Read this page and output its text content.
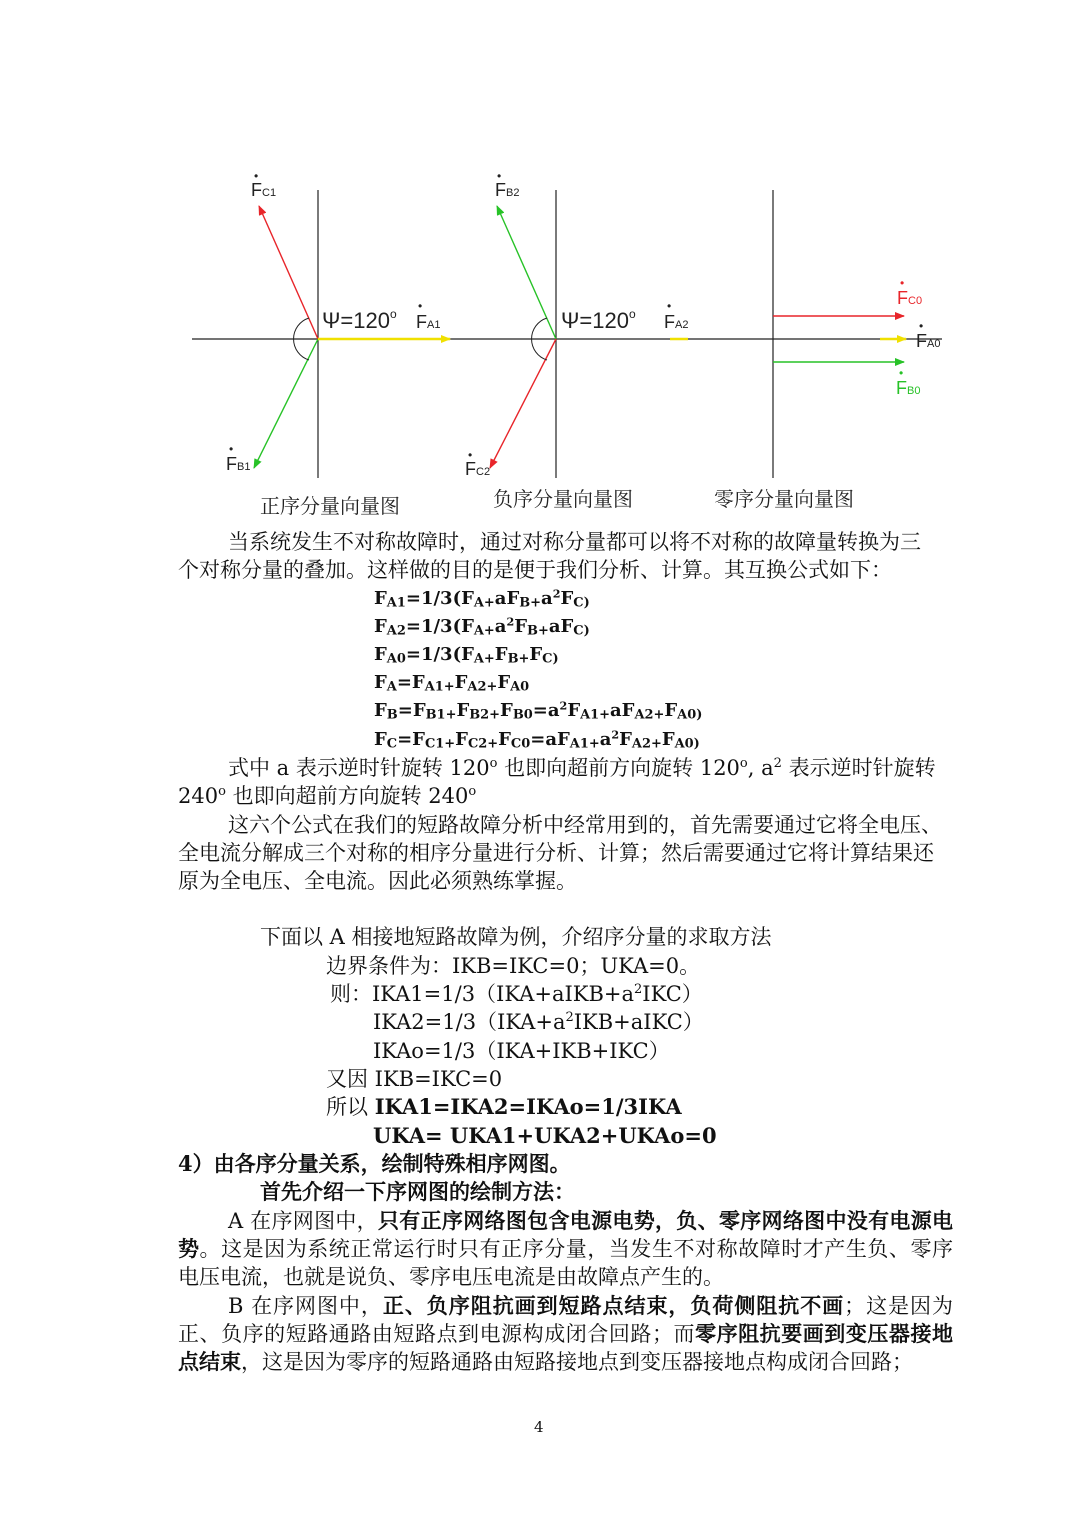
$\Psi=120^o$	$\Psi=120^o$
•
FC1
•
FA1
•
FB1
•
FB2
•
FA2
•
FC2
•
FC0
•
FA0
•
FB0
正序分量向量图	负序分量向量图	零序分量向量图
当系统发生不对称故障时，通过对称分量都可以将不对称的故障量转换为三
个对称分量的叠加。这样做的目的是便于我们分析、计算。其互换公式如下：
$F_{A1}=1/3(F_{A+}aF_{B+}a^2F_{C)}$
$F_{A2}=1/3(F_{A+}a^2F_{B+}aF_{C)}$
$F_{A0}=1/3(F_{A+}F_{B+}F_{C)}$
$F_A=F_{A1+}F_{A2+}F_{A0}$
$F_B=F_{B1+}F_{B2+}F_{B0}=a^2F_{A1+}aF_{A2+}F_{A0)}$
$F_C=F_{C1+}F_{C2+}F_{C0}=aF_{A1+}a^2F_{A2+}F_{A0)}$
式中 a 表示逆时针旋转 120$^o$ 也即向超前方向旋转 120$^o$, $a^2$ 表示逆时针旋转
240$^o$ 也即向超前方向旋转 240$^o$
这六个公式在我们的短路故障分析中经常用到的，首先需要通过它将全电压、
全电流分解成三个对称的相序分量进行分析、计算；然后需要通过它将计算结果还
原为全电压、全电流。因此必须熟练掌握。
下面以 A 相接地短路故障为例，介绍序分量的求取方法
边界条件为：IKB=IKC=0；UKA=0。
则：$IKA1=1/3(IKA+aIKB+a^2IKC)$
$IKA2=1/3(IKA+a^2IKB+aIKC)$
IKAo=1/3（IKA+IKB+IKC）
又因 IKB=IKC=0
所以 IKA1=IKA2=IKAo=1/3IKA
UKA= UKA1+UKA2+UKAo=0
4）由各序分量关系，绘制特殊相序网图。
首先介绍一下序网图的绘制方法：
A 在序网图中，只有正序网络图包含电源电势，负、零序网络图中没有电源电势。这是因为系统正常运行时只有正序分量，当发生不对称故障时才产生负、零序电压电流，也就是说负、零序电压电流是由故障点产生的。
B 在序网图中，正、负序阻抗画到短路点结束，负荷侧阻抗不画；这是因为正、负序的短路通路由短路点到电源构成闭合回路；而零序阻抗要画到变压器接地点结束，这是因为零序的短路通路由短路接地点到变压器接地点构成闭合回路；
4
